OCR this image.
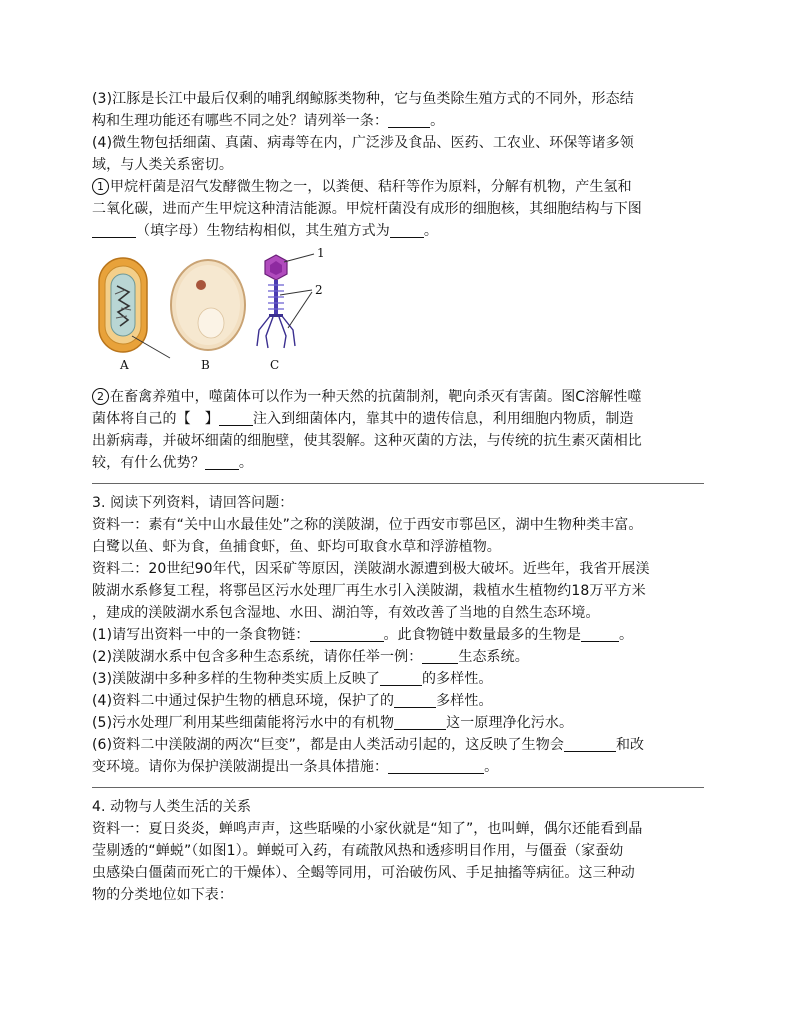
(3)江豚是长江中最后仅剩的哺乳纲鲸豚类物种，它与鱼类除生殖方式的不同外，形态结
构和生理功能还有哪些不同之处？请列举一条：	。
(4)微生物包括细菌、真菌、病毒等在内，广泛涉及食品、医药、工农业、环保等诸多领
域，与人类关系密切。
1 甲烷杆菌是沼气发酵微生物之一，以粪便、秸秆等作为原料，分解有机物，产生氢和
二氧化碳，进而产生甲烷这种清洁能源。甲烷杆菌没有成形的细胞核，其细胞结构与下图
（填字母）生物结构相似，其生殖方式为 。
A	B	C
1
2
2 在畜禽养殖中，噬菌体可以作为一种天然的抗菌制剂，靶向杀灭有害菌。图C溶解性噬
菌体将自己的【　】 注入到细菌体内，靠其中的遗传信息，利用细胞内物质，制造
出新病毒，并破坏细菌的细胞壁，使其裂解。这种灭菌的方法，与传统的抗生素灭菌相比
较，有什么优势？ 。
3. 阅读下列资料，请回答问题：
资料一：素有“关中山水最佳处”之称的渼陂湖，位于西安市鄠邑区，湖中生物种类丰富。
白鹭以鱼、虾为食，鱼捕食虾，鱼、虾均可取食水草和浮游植物。
资料二：20世纪90年代，因采矿等原因，渼陂湖水源遭到极大破坏。近些年，我省开展渼
陂湖水系修复工程，将鄠邑区污水处理厂再生水引入渼陂湖，栽植水生植物约18万平方米
，建成的渼陂湖水系包含湿地、水田、湖泊等，有效改善了当地的自然生态环境。
(1)请写出资料一中的一条食物链：	。此食物链中数量最多的生物是	。
(2)渼陂湖水系中包含多种生态系统，请你任举一例：	生态系统。
(3)渼陂湖中多种多样的生物种类实质上反映了	的多样性。
(4)资料二中通过保护生物的栖息环境，保护了的	多样性。
(5)污水处理厂利用某些细菌能将污水中的有机物	这一原理净化污水。
(6)资料二中渼陂湖的两次“巨变”，都是由人类活动引起的，这反映了生物会	和改
变环境。请你为保护渼陂湖提出一条具体措施：	。
4. 动物与人类生活的关系
资料一：夏日炎炎，蝉鸣声声，这些聒噪的小家伙就是“知了”，也叫蝉，偶尔还能看到晶
莹剔透的“蝉蜕”（如图1）。蝉蜕可入药，有疏散风热和透疹明目作用，与僵蚕（家蚕幼
虫感染白僵菌而死亡的干燥体）、全蝎等同用，可治破伤风、手足抽搐等病征。这三种动
物的分类地位如下表：
